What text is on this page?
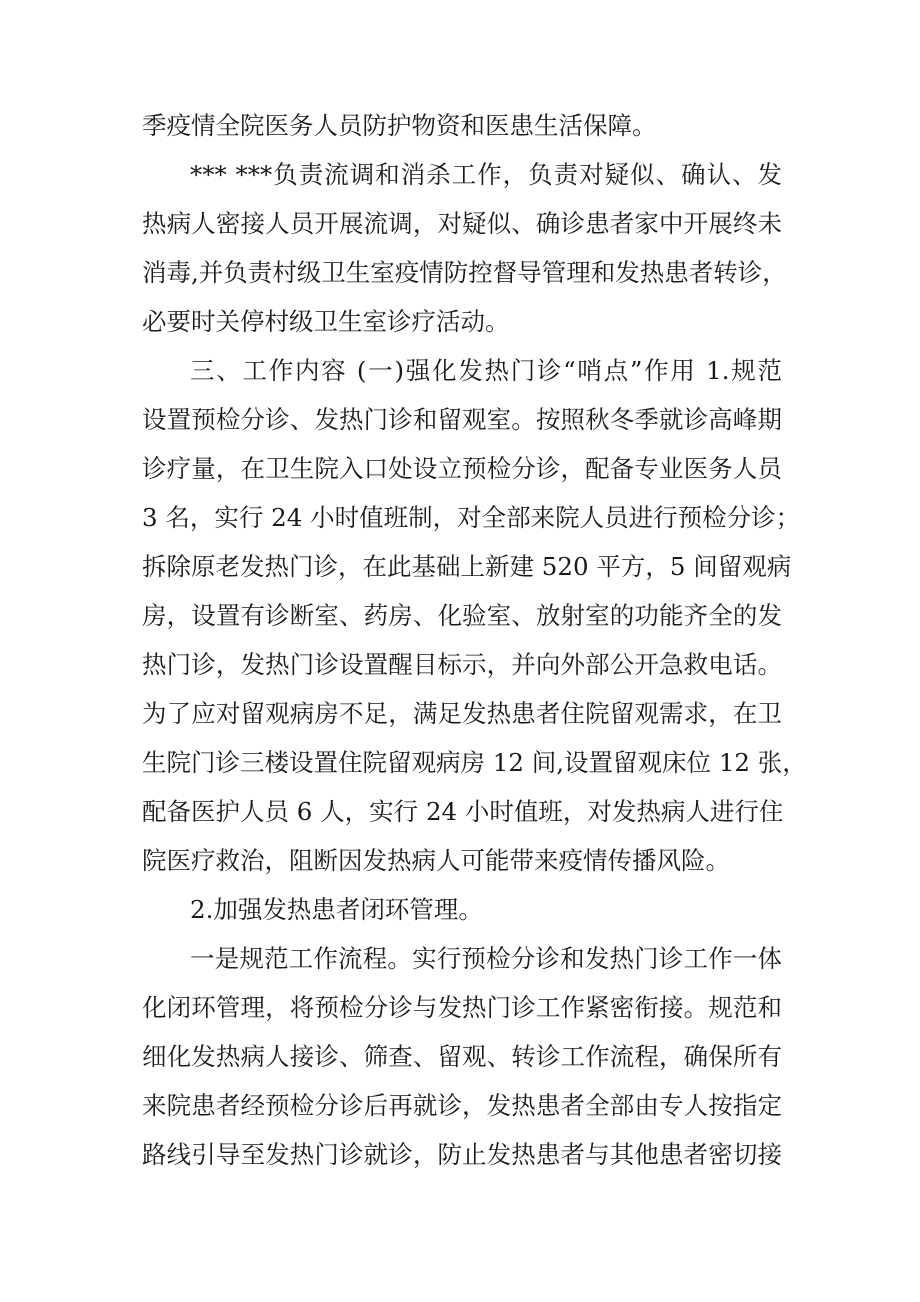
季疫情全院医务人员防护物资和医患生活保障。
*** ***负责流调和消杀工作，负责对疑似、确认、发
热病人密接人员开展流调，对疑似、确诊患者家中开展终未
消毒,并负责村级卫生室疫情防控督导管理和发热患者转诊，
必要时关停村级卫生室诊疗活动。
三、工作内容 (一)强化发热门诊“哨点”作用 1.规范
设置预检分诊、发热门诊和留观室。按照秋冬季就诊高峰期
诊疗量，在卫生院入口处设立预检分诊，配备专业医务人员
3 名，实行 24 小时值班制，对全部来院人员进行预检分诊；
拆除原老发热门诊，在此基础上新建 520 平方，5 间留观病
房，设置有诊断室、药房、化验室、放射室的功能齐全的发
热门诊，发热门诊设置醒目标示，并向外部公开急救电话。
为了应对留观病房不足，满足发热患者住院留观需求，在卫
生院门诊三楼设置住院留观病房 12 间,设置留观床位 12 张，
配备医护人员 6 人，实行 24 小时值班，对发热病人进行住
院医疗救治，阻断因发热病人可能带来疫情传播风险。
2.加强发热患者闭环管理。
一是规范工作流程。实行预检分诊和发热门诊工作一体
化闭环管理，将预检分诊与发热门诊工作紧密衔接。规范和
细化发热病人接诊、筛查、留观、转诊工作流程，确保所有
来院患者经预检分诊后再就诊，发热患者全部由专人按指定
路线引导至发热门诊就诊，防止发热患者与其他患者密切接
